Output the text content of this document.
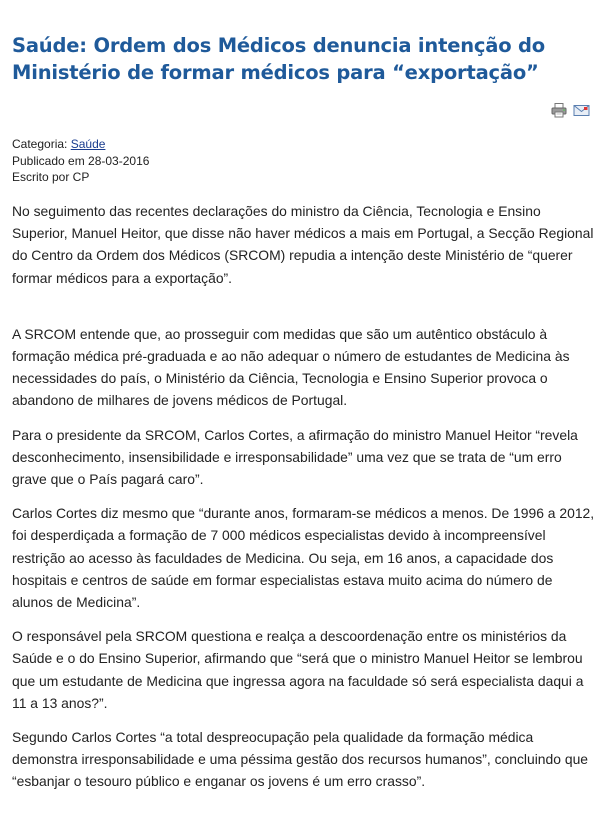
Saúde: Ordem dos Médicos denuncia intenção do Ministério de formar médicos para “exportação”
Categoria: Saúde
Publicado em 28-03-2016
Escrito por CP

No seguimento das recentes declarações do ministro da Ciência, Tecnologia e Ensino Superior, Manuel Heitor, que disse não haver médicos a mais em Portugal, a Secção Regional do Centro da Ordem dos Médicos (SRCOM) repudia a intenção deste Ministério de “querer formar médicos para a exportação”.

A SRCOM entende que, ao prosseguir com medidas que são um autêntico obstáculo à formação médica pré-graduada e ao não adequar o número de estudantes de Medicina às necessidades do país, o Ministério da Ciência, Tecnologia e Ensino Superior provoca o abandono de milhares de jovens médicos de Portugal.

Para o presidente da SRCOM, Carlos Cortes, a afirmação do ministro Manuel Heitor “revela desconhecimento, insensibilidade e irresponsabilidade” uma vez que se trata de “um erro grave que o País pagará caro”.

Carlos Cortes diz mesmo que “durante anos, formaram-se médicos a menos. De 1996 a 2012, foi desperdiçada a formação de 7 000 médicos especialistas devido à incompreensível restrição ao acesso às faculdades de Medicina. Ou seja, em 16 anos, a capacidade dos hospitais e centros de saúde em formar especialistas estava muito acima do número de alunos de Medicina”.

O responsável pela SRCOM questiona e realça a descoordenação entre os ministérios da Saúde e o do Ensino Superior, afirmando que “será que o ministro Manuel Heitor se lembrou que um estudante de Medicina que ingressa agora na faculdade só será especialista daqui a 11 a 13 anos?”.

Segundo Carlos Cortes “a total despreocupação pela qualidade da formação médica demonstra irresponsabilidade e uma péssima gestão dos recursos humanos”, concluindo que “esbanjar o tesouro público e enganar os jovens é um erro crasso”.
